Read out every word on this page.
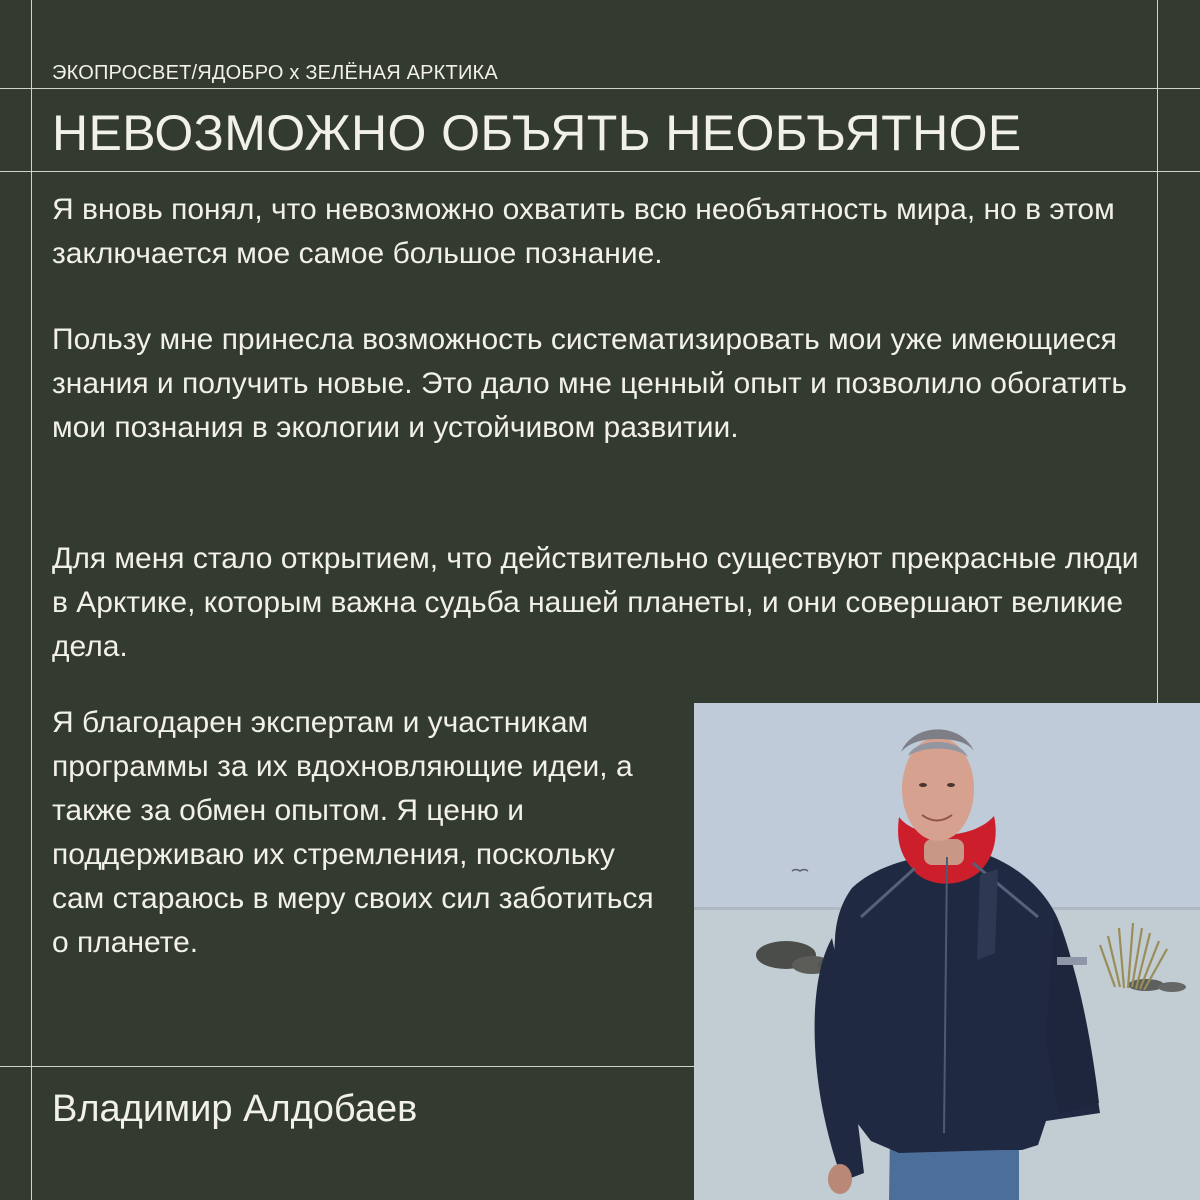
ЭКОПРОСВЕТ/ЯДОБРО x ЗЕЛЁНАЯ АРКТИКА
НЕВОЗМОЖНО ОБЪЯТЬ НЕОБЪЯТНОЕ
Я вновь понял, что невозможно охватить всю необъятность мира, но в этом заключается мое самое большое познание.
Пользу мне принесла возможность систематизировать мои уже имеющиеся знания и получить новые. Это дало мне ценный опыт и позволило обогатить мои познания в экологии и устойчивом развитии.
Для меня стало открытием, что действительно существуют прекрасные люди в Арктике, которым важна судьба нашей планеты, и они совершают великие дела.
Я благодарен экспертам и участникам программы за их вдохновляющие идеи, а также за обмен опытом. Я ценю и поддерживаю их стремления, поскольку сам стараюсь в меру своих сил заботиться о планете.
Владимир Алдобаев
